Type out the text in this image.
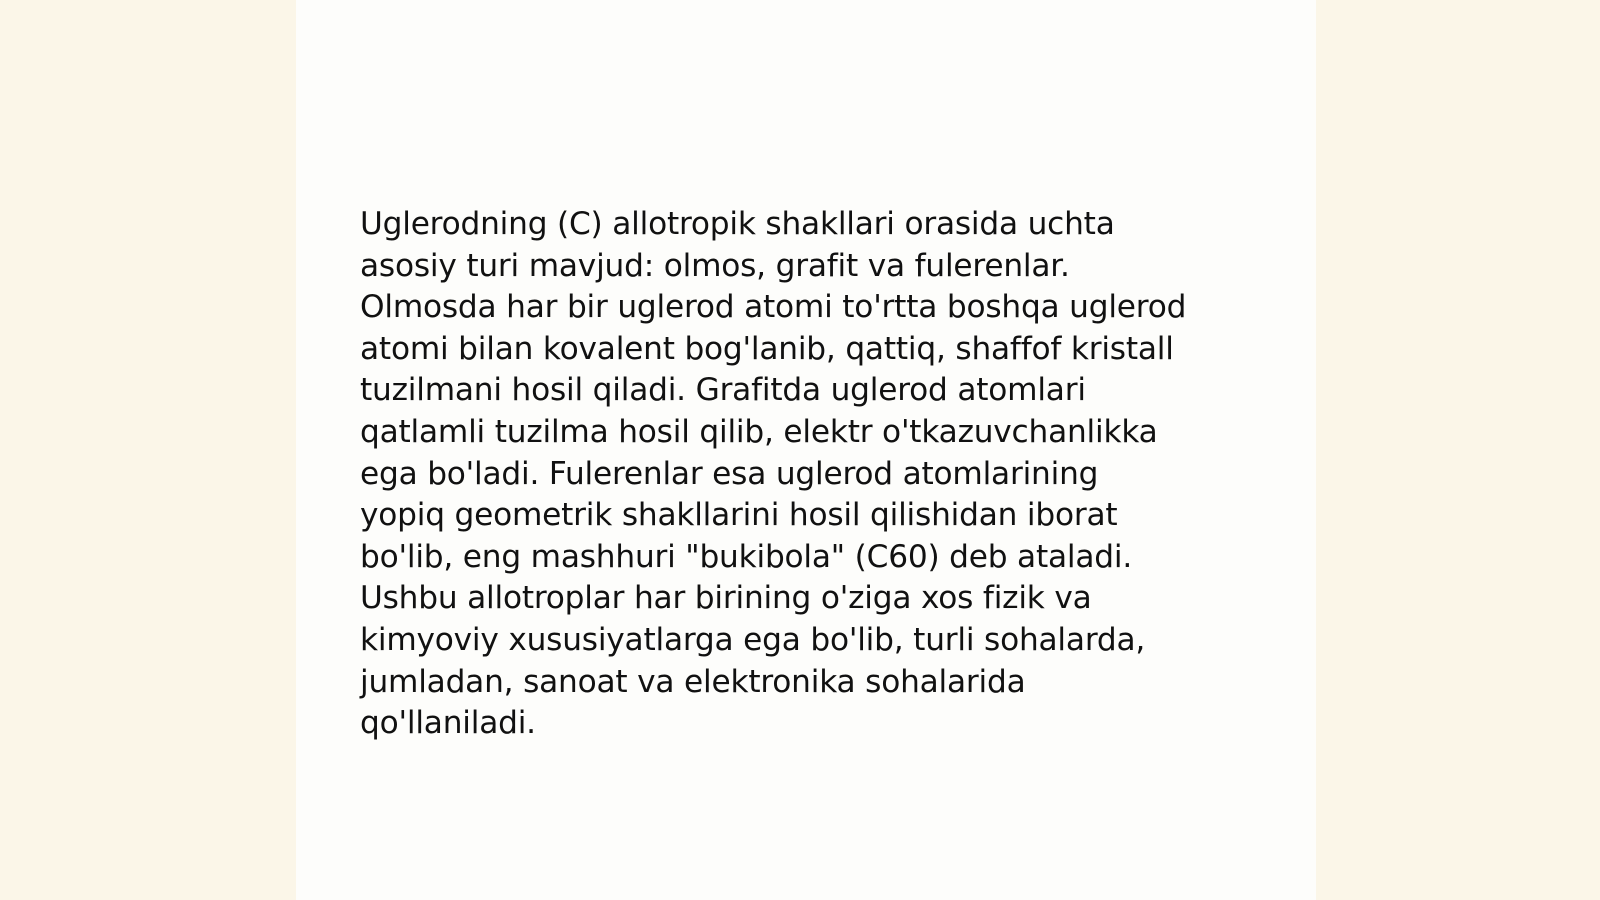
Uglerodning (C) allotropik shakllari orasida uchta
asosiy turi mavjud: olmos, grafit va fulerenlar.
Olmosda har bir uglerod atomi to'rtta boshqa uglerod
atomi bilan kovalent bog'lanib, qattiq, shaffof kristall
tuzilmani hosil qiladi. Grafitda uglerod atomlari
qatlamli tuzilma hosil qilib, elektr o'tkazuvchanlikka
ega bo'ladi. Fulerenlar esa uglerod atomlarining
yopiq geometrik shakllarini hosil qilishidan iborat
bo'lib, eng mashhuri "bukibola" (C60) deb ataladi.
Ushbu allotroplar har birining o'ziga xos fizik va
kimyoviy xususiyatlarga ega bo'lib, turli sohalarda,
jumladan, sanoat va elektronika sohalarida
qo'llaniladi.
